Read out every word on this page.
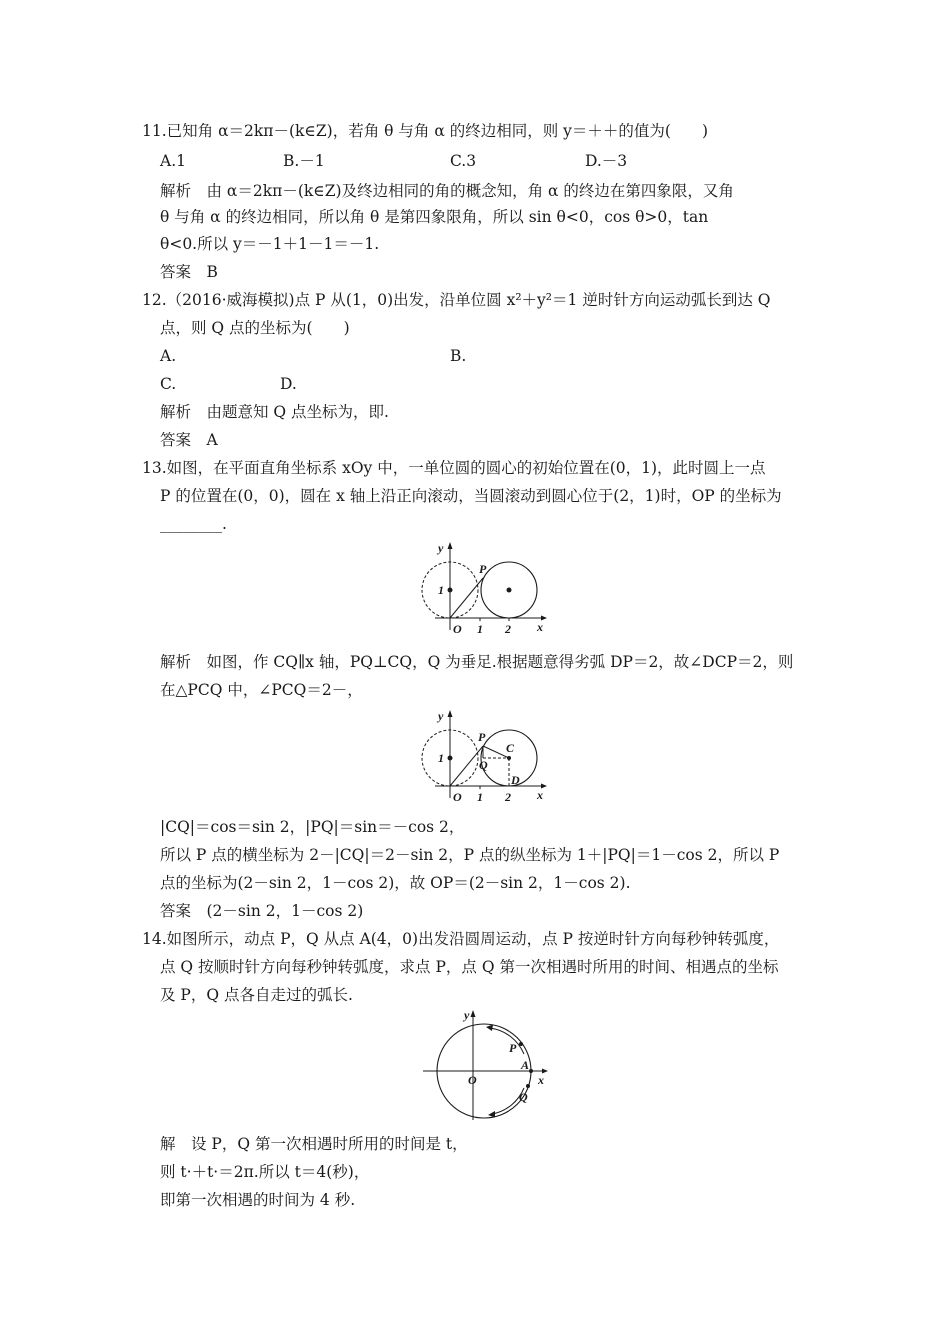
11.已知角 α＝2kπ－(k∈Z)，若角 θ 与角 α 的终边相同，则 y＝＋＋的值为(　　)
A.1	B.－1	C.3	D.－3
解析　由 α＝2kπ－(k∈Z)及终边相同的角的概念知，角 α 的终边在第四象限，又角
θ 与角 α 的终边相同，所以角 θ 是第四象限角，所以 sin θ<0，cos θ>0，tan
θ<0.所以 y＝－1＋1－1＝－1.
答案　B
12.（2016·威海模拟)点 P 从(1，0)出发，沿单位圆 x²＋y²＝1 逆时针方向运动弧长到达 Q
点，则 Q 点的坐标为(　　)
A.	B.
C.	D.
解析　由题意知 Q 点坐标为，即.
答案　A
13.如图，在平面直角坐标系 xOy 中，一单位圆的圆心的初始位置在(0，1)，此时圆上一点
P 的位置在(0，0)，圆在 x 轴上沿正向滚动，当圆滚动到圆心位于(2，1)时，OP 的坐标为
________.
解析　如图，作 CQ∥x 轴，PQ⊥CQ，Q 为垂足.根据题意得劣弧 DP＝2，故∠DCP＝2，则
在△PCQ 中，∠PCQ＝2－，
|CQ|＝cos＝sin 2，|PQ|＝sin＝－cos 2，
所以 P 点的横坐标为 2－|CQ|＝2－sin 2，P 点的纵坐标为 1＋|PQ|＝1－cos 2，所以 P
点的坐标为(2－sin 2，1－cos 2)，故 OP＝(2－sin 2，1－cos 2).
答案　(2－sin 2，1－cos 2)
14.如图所示，动点 P，Q 从点 A(4，0)出发沿圆周运动，点 P 按逆时针方向每秒钟转弧度，
点 Q 按顺时针方向每秒钟转弧度，求点 P，点 Q 第一次相遇时所用的时间、相遇点的坐标
及 P，Q 点各自走过的弧长.
解　设 P，Q 第一次相遇时所用的时间是 t，
则 t·＋t·＝2π.所以 t＝4(秒)，
即第一次相遇的时间为 4 秒.
y
1
P
O 1 2 x
y
1
P
C
Q
D
O 1 2 x
y
P
A
O
Q
x
